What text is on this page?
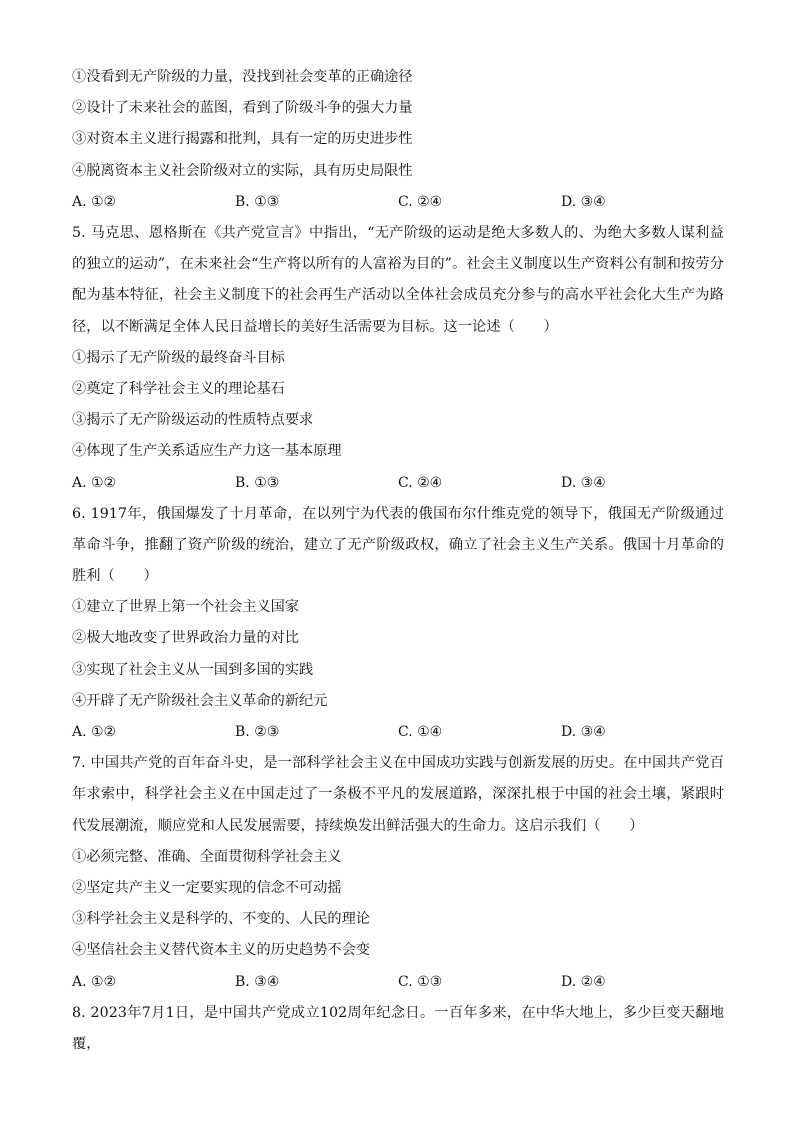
①没看到无产阶级的力量，没找到社会变革的正确途径
②设计了未来社会的蓝图，看到了阶级斗争的强大力量
③对资本主义进行揭露和批判，具有一定的历史进步性
④脱离资本主义社会阶级对立的实际，具有历史局限性
A. ①②	B. ①③	C. ②④	D. ③④
5. 马克思、恩格斯在《共产党宣言》中指出，“无产阶级的运动是绝大多数人的、为绝大多数人谋利益的独立的运动”，在未来社会“生产将以所有的人富裕为目的”。社会主义制度以生产资料公有制和按劳分配为基本特征，社会主义制度下的社会再生产活动以全体社会成员充分参与的高水平社会化大生产为路径，以不断满足全体人民日益增长的美好生活需要为目标。这一论述（　　）
①揭示了无产阶级的最终奋斗目标
②奠定了科学社会主义的理论基石
③揭示了无产阶级运动的性质特点要求
④体现了生产关系适应生产力这一基本原理
A. ①②	B. ①③	C. ②④	D. ③④
6. 1917年，俄国爆发了十月革命，在以列宁为代表的俄国布尔什维克党的领导下，俄国无产阶级通过革命斗争，推翻了资产阶级的统治，建立了无产阶级政权，确立了社会主义生产关系。俄国十月革命的胜利（　　）
①建立了世界上第一个社会主义国家
②极大地改变了世界政治力量的对比
③实现了社会主义从一国到多国的实践
④开辟了无产阶级社会主义革命的新纪元
A. ①②	B. ②③	C. ①④	D. ③④
7. 中国共产党的百年奋斗史，是一部科学社会主义在中国成功实践与创新发展的历史。在中国共产党百年求索中，科学社会主义在中国走过了一条极不平凡的发展道路，深深扎根于中国的社会土壤，紧跟时代发展潮流，顺应党和人民发展需要，持续焕发出鲜活强大的生命力。这启示我们（　　）
①必须完整、准确、全面贯彻科学社会主义
②坚定共产主义一定要实现的信念不可动摇
③科学社会主义是科学的、不变的、人民的理论
④坚信社会主义替代资本主义的历史趋势不会变
A. ①②	B. ③④	C. ①③	D. ②④
8. 2023年7月1日，是中国共产党成立102周年纪念日。一百年多来，在中华大地上，多少巨变天翻地覆，
